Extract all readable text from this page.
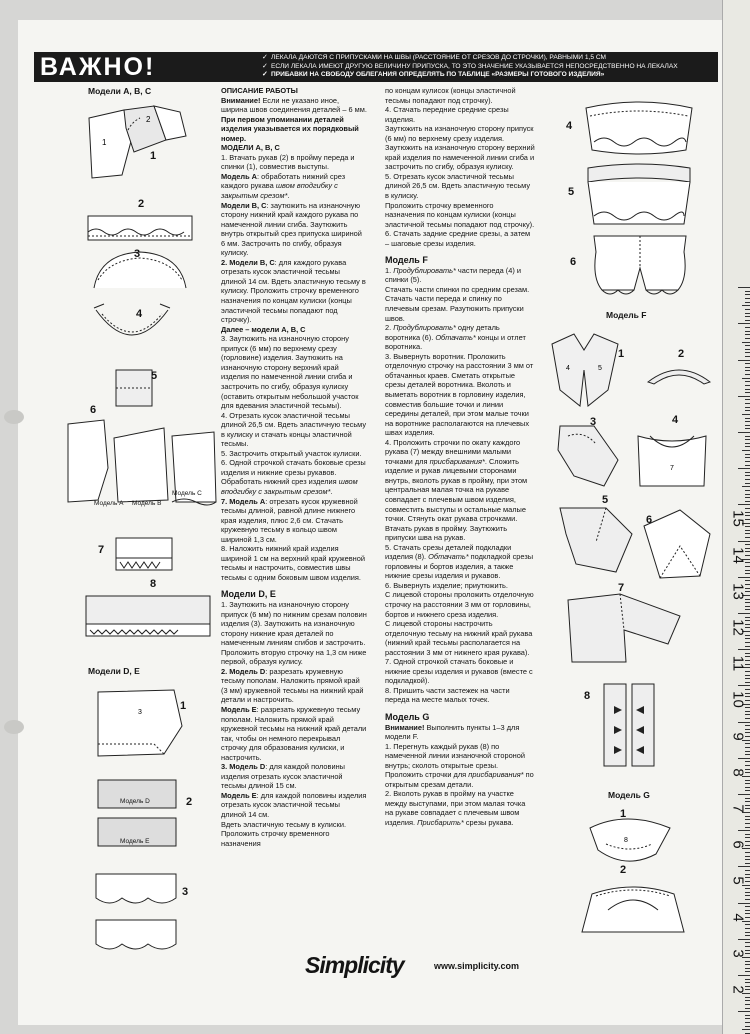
2
3
4
5
6
7
8
9
10
11
12
13
14
15
ВАЖНО!	✓ ЛЕКАЛА ДАЮТСЯ С ПРИПУСКАМИ НА ШВЫ (РАССТОЯНИЕ ОТ СРЕЗОВ ДО СТРОЧКИ), РАВНЫМИ 1,5 СМ
✓ ЕСЛИ ЛЕКАЛА ИМЕЮТ ДРУГУЮ ВЕЛИЧИНУ ПРИПУСКА, ТО ЭТО ЗНАЧЕНИЕ УКАЗЫВАЕТСЯ НЕПОСРЕДСТВЕННО НА ЛЕКАЛАХ
✓ ПРИБАВКИ НА СВОБОДУ ОБЛЕГАНИЯ ОПРЕДЕЛЯТЬ ПО ТАБЛИЦЕ «РАЗМЕРЫ ГОТОВОГО ИЗДЕЛИЯ»
Модели A, B, C
1
2
1
2
3
4
5
6
Модель А Модель В
Модель С
7
8
Модели D, E
3
1
Модель D
Модель E
2
3

ОПИСАНИЕ РАБОТЫ

Внимание! Если не указано иное, ширина швов соединения деталей – 6 мм.

При первом упоминании деталей изделия указывается их порядковый номер.

МОДЕЛИ A, B, C

1. Втачать рукав (2) в пройму переда и спинки (1), совместив выступы.

Модель А: обработать нижний срез каждого рукава швом вподгибку с закрытым срезом*.

Модели B, C: заутюжить на изнаночную сторону нижний край каждого рукава по намеченной линии сгиба. Заутюжить внутрь открытый срез припуска шириной 6 мм. Застрочить по сгибу, образуя кулиску.

2. Модели B, C: для каждого рукава отрезать кусок эластичной тесьмы длиной 14 см. Вдеть эластичную тесьму в кулиску. Проложить строчку временного назначения по концам кулиски (концы эластичной тесьмы попадают под строчку).

Далее – модели A, B, C

3. Заутюжить на изнаночную сторону припуск (6 мм) по верхнему срезу (горловине) изделия. Заутюжить на изнаночную сторону верхний край изделия по намеченной линии сгиба и застрочить по сгибу, образуя кулиску (оставить открытым небольшой участок для вдевания эластичной тесьмы).

4. Отрезать кусок эластичной тесьмы длиной 26,5 см. Вдеть эластичную тесьму в кулиску и стачать концы эластичной тесьмы.

5. Застрочить открытый участок кулиски.

6. Одной строчкой стачать боковые срезы изделия и нижние срезы рукавов. Обработать нижний срез изделия швом вподгибку с закрытым срезом*.

7. Модель А: отрезать кусок кружевной тесьмы длиной, равной длине нижнего края изделия, плюс 2,6 см. Стачать кружевную тесьму в кольцо швом шириной 1,3 см.

8. Наложить нижний край изделия шириной 1 см на верхний край кружевной тесьмы и настрочить, совместив швы тесьмы с одним боковым швом изделия.

Модели D, E

1. Заутюжить на изнаночную сторону припуск (6 мм) по нижним срезам половин изделия (3). Заутюжить на изнаночную сторону нижние края деталей по намеченным линиям сгибов и застрочить. Проложить вторую строчку на 1,3 см ниже первой, образуя кулису.

2. Модель D: разрезать кружевную тесьму пополам. Наложить прямой край (3 мм) кружевной тесьмы на нижний край детали и настрочить.

Модель E: разрезать кружевную тесьму пополам. Наложить прямой край кружевной тесьмы на нижний край детали так, чтобы он немного перекрывал строчку для образования кулиски, и настрочить.

3. Модель D: для каждой половины изделия отрезать кусок эластичной тесьмы длиной 15 см.

Модель E: для каждой половины изделия отрезать кусок эластичной тесьмы длиной 14 см.

Вдеть эластичную тесьму в кулиски. Проложить строчку временного назначения

по концам кулисок (концы эластичной тесьмы попадают под строчку).

4. Стачать передние средние срезы изделия.

Заутюжить на изнаночную сторону припуск (6 мм) по верхнему срезу изделия. Заутюжить на изнаночную сторону верхний край изделия по намеченной линии сгиба и застрочить по сгибу, образуя кулиску.

5. Отрезать кусок эластичной тесьмы длиной 26,5 см. Вдеть эластичную тесьму в кулиску.

Проложить строчку временного назначения по концам кулиски (концы эластичной тесьмы попадают под строчку).

6. Стачать задние средние срезы, а затем – шаговые срезы изделия.

Модель F

1. Продублировать* части переда (4) и спинки (5).

Стачать части спинки по средним срезам. Стачать части переда и спинку по плечевым срезам. Разутюжить припуски швов.

2. Продублировать* одну деталь воротника (6). Обтачать* концы и отлет воротника.

3. Вывернуть воротник. Проложить отделочную строчку на расстоянии 3 мм от обтачанных краев. Сметать открытые срезы деталей воротника. Вколоть и выметать воротник в горловину изделия, совместив большие точки и линии середины деталей, при этом малые точки на воротнике располагаются на плечевых швах изделия.

4. Проложить строчки по окату каждого рукава (7) между внешними малыми точками для присбаривания*. Сложить изделие и рукав лицевыми сторонами внутрь, вколоть рукав в пройму, при этом центральная малая точка на рукаве совпадает с плечевым швом изделия, совместить выступы и остальные малые точки. Стянуть окат рукава строчками. Втачать рукав в пройму. Заутюжить припуски шва на рукав.

5. Стачать срезы деталей подкладки изделия (8). Обтачать* подкладкой срезы горловины и бортов изделия, а также нижние срезы изделия и рукавов.

6. Вывернуть изделие; приутюжить.

С лицевой стороны проложить отделочную строчку на расстоянии 3 мм от горловины, бортов и нижнего среза изделия.

С лицевой стороны настрочить отделочную тесьму на нижний край рукава (нижний край тесьмы располагается на расстоянии 3 мм от нижнего края рукава).

7. Одной строчкой стачать боковые и нижние срезы изделия и рукавов (вместе с подкладкой).

8. Пришить части застежек на части переда на месте малых точек.

Модель G

Внимание! Выполнить пункты 1–3 для модели F.

1. Перегнуть каждый рукав (8) по намеченной линии изнаночной стороной внутрь; сколоть открытые срезы. Проложить строчки для присбаривания* по открытым срезам детали.

2. Вколоть рукав в пройму на участке между выступами, при этом малая точка на рукаве совпадает с плечевым швом изделия. Присбарить* срезы рукава.

4
5
6
Модель F
4	5
1	2
3
7
4
5
6
7
8
Модель G
8
1
2
Simplicity	www.simplicity.com
